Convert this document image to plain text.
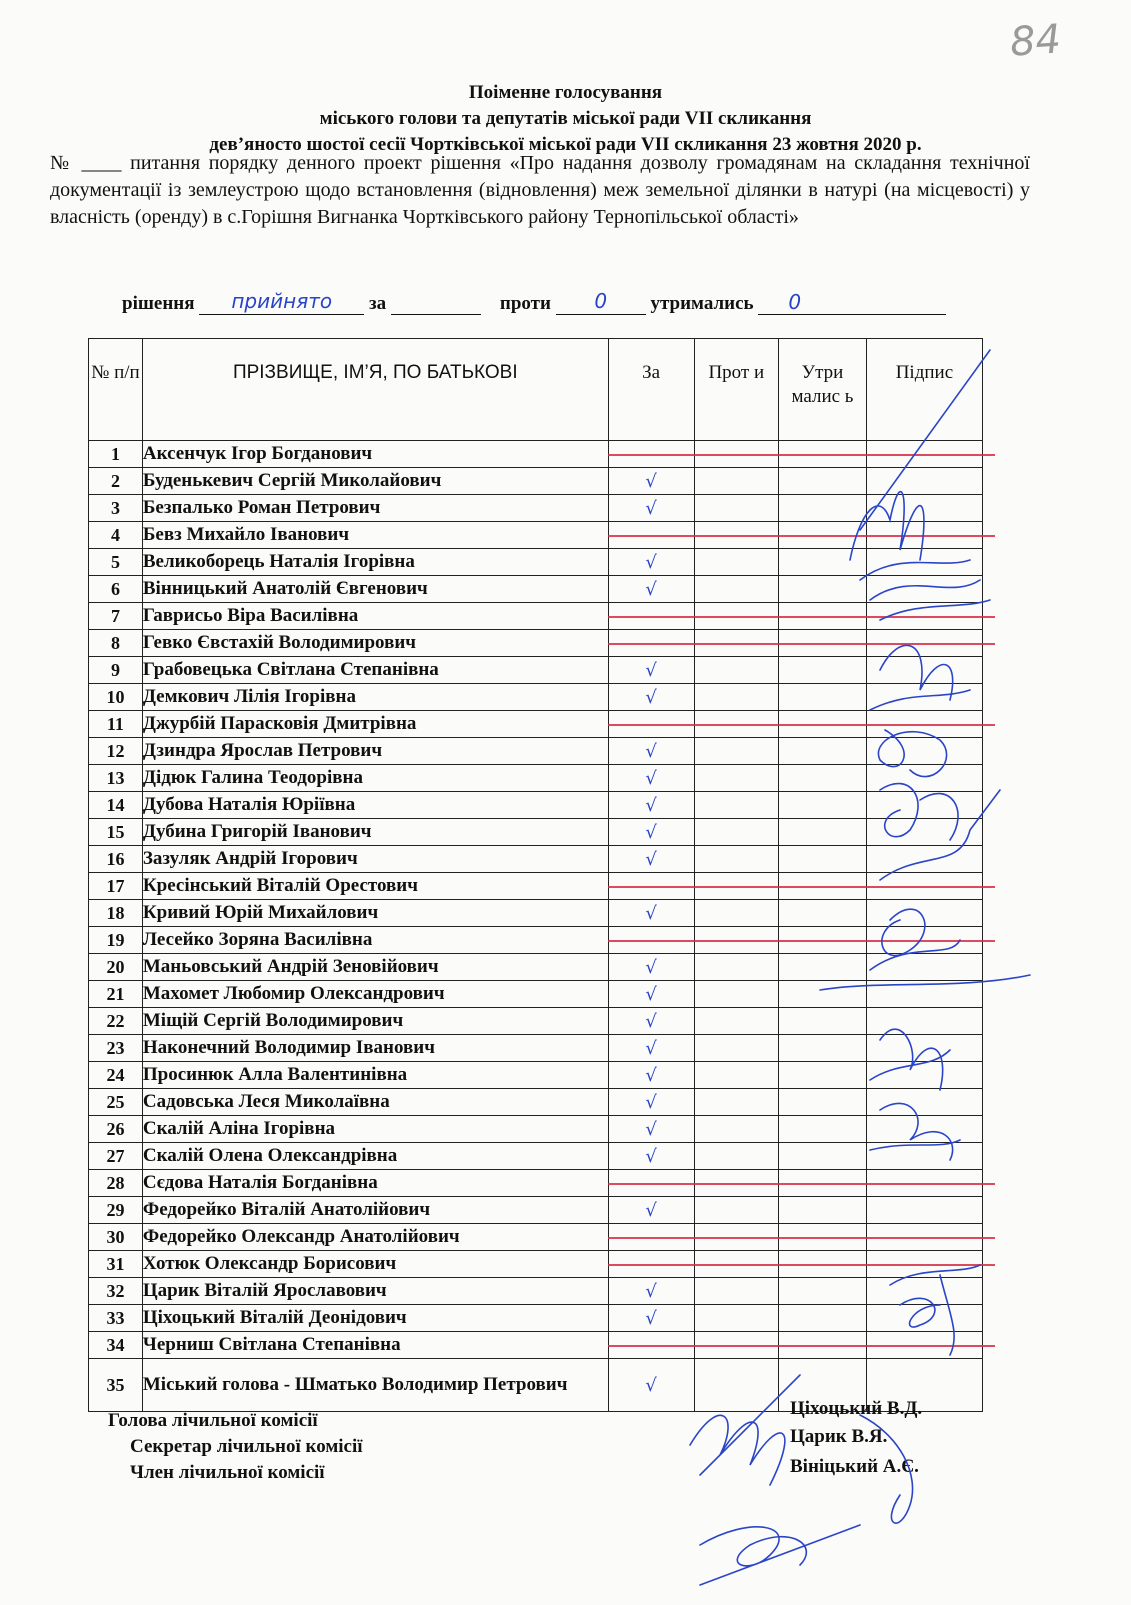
84
Поіменне голосування
міського голови та депутатів міської ради VII скликання
дев’яносто шостої сесії Чортківської міської ради VII скликання 23 жовтня 2020 р.
№ ____ питання порядку денного проект рішення «Про надання дозволу громадянам на складання технічної документації із землеустрою щодо встановлення (відновлення) меж земельної ділянки в натурі (на місцевості) у власність (оренду) в с.Горішня Вигнанка Чортківського району Тернопільської області»
рішення прийнято за	проти 0 утримались 0
№ п/п	ПРІЗВИЩЕ, ІМ’Я, ПО БАТЬКОВІ	За	Прот и	Утри малис ь	Підпис
1	Аксенчук Ігор Богданович				
2	Буденькевич Сергій Миколайович	√			
3	Безпалько Роман Петрович	√			
4	Бевз Михайло Іванович				
5	Великоборець Наталія Ігорівна	√			
6	Вінницький Анатолій Євгенович	√			
7	Гаврисьо Віра Василівна				
8	Гевко Євстахій Володимирович				
9	Грабовецька Світлана Степанівна	√			
10	Демкович Лілія Ігорівна	√			
11	Джурбій Парасковія Дмитрівна				
12	Дзиндра Ярослав Петрович	√			
13	Дідюк Галина Теодорівна	√			
14	Дубова Наталія Юріївна	√			
15	Дубина Григорій Іванович	√			
16	Зазуляк Андрій Ігорович	√			
17	Кресінський Віталій Орестович				
18	Кривий Юрій Михайлович	√			
19	Лесейко Зоряна Василівна				
20	Маньовський Андрій Зеновійович	√			
21	Махомет Любомир Олександрович	√			
22	Міщій Сергій Володимирович	√			
23	Наконечний Володимир Іванович	√			
24	Просинюк Алла Валентинівна	√			
25	Садовська Леся Миколаївна	√			
26	Скалій Аліна Ігорівна	√			
27	Скалій Олена Олександрівна	√			
28	Сєдова Наталія Богданівна				
29	Федорейко Віталій Анатолійович	√			
30	Федорейко Олександр Анатолійович				
31	Хотюк Олександр Борисович				
32	Царик Віталій Ярославович	√			
33	Ціхоцький Віталій Деонідович	√			
34	Черниш Світлана Степанівна				
35	Міський голова - Шматько Володимир Петрович	√			
Голова лічильної комісії
Секретар лічильної комісії
Член лічильної комісії
Ціхоцький В.Д.
Царик В.Я.
Вініцький А.Є.
